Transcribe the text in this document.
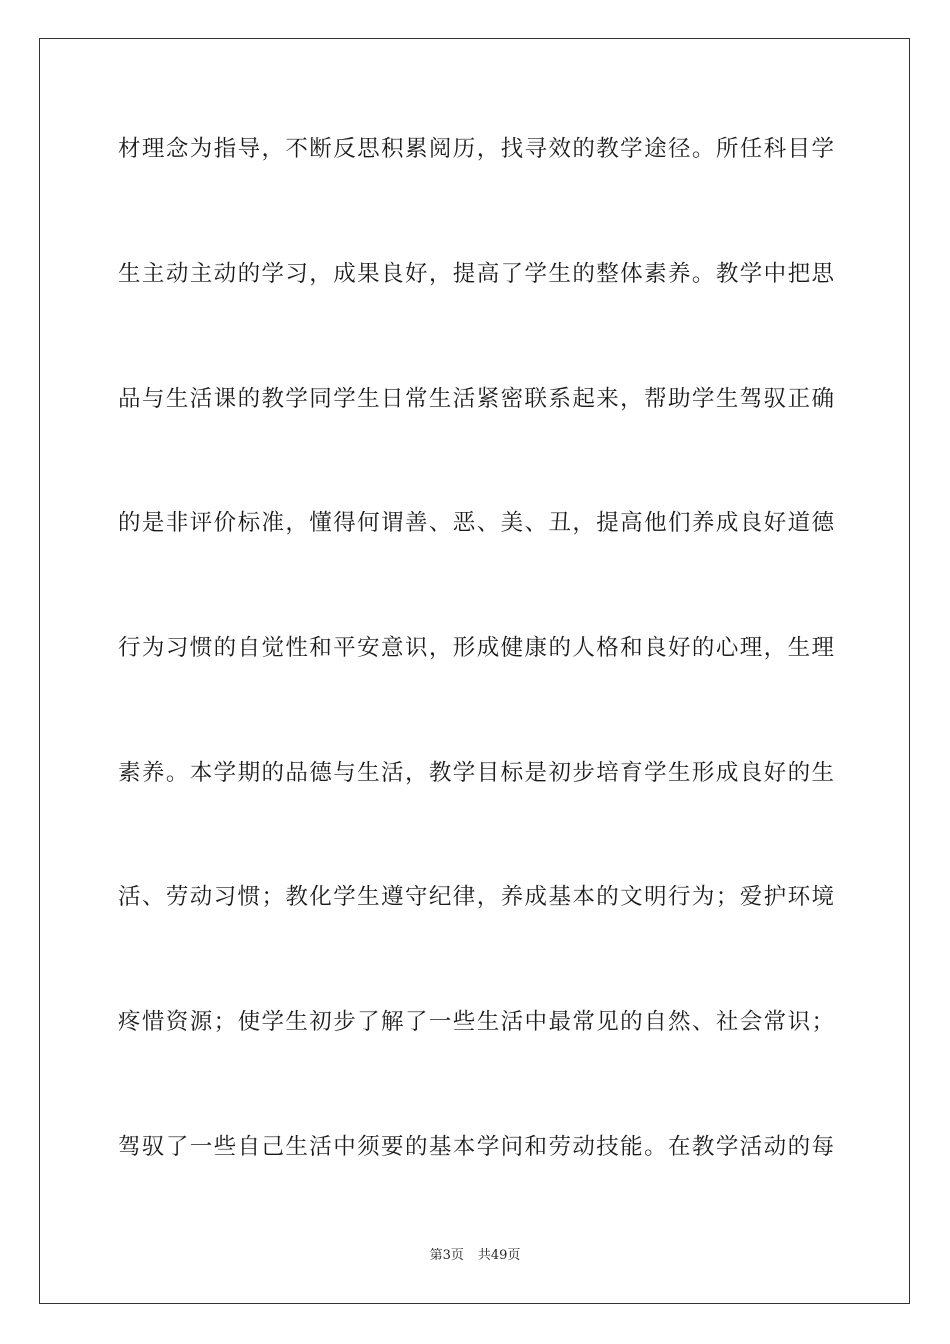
材理念为指导，不断反思积累阅历，找寻效的教学途径。所任科目学
生主动主动的学习，成果良好，提高了学生的整体素养。教学中把思
品与生活课的教学同学生日常生活紧密联系起来，帮助学生驾驭正确
的是非评价标准，懂得何谓善、恶、美、丑，提高他们养成良好道德
行为习惯的自觉性和平安意识，形成健康的人格和良好的心理，生理
素养。本学期的品德与生活，教学目标是初步培育学生形成良好的生
活、劳动习惯；教化学生遵守纪律，养成基本的文明行为；爱护环境
疼惜资源；使学生初步了解了一些生活中最常见的自然、社会常识；
驾驭了一些自己生活中须要的基本学问和劳动技能。在教学活动的每
第3页 共49页
